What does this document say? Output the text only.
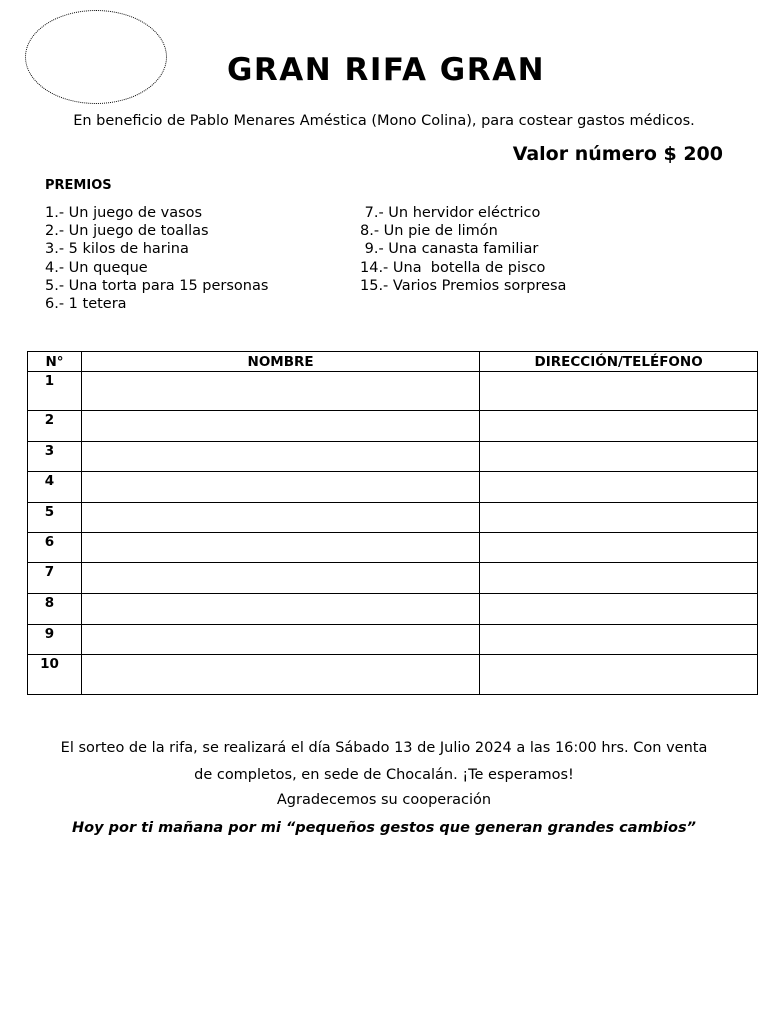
GRAN RIFA GRAN
En beneficio de Pablo Menares Améstica (Mono Colina), para costear gastos médicos.
Valor número $ 200
PREMIOS
1.- Un juego de vasos
2.- Un juego de toallas
3.- 5 kilos de harina
4.- Un queque
5.- Una torta para 15 personas
6.- 1 tetera
7.- Un hervidor eléctrico
8.- Un pie de limón
9.- Una canasta familiar
14.- Una  botella de pisco
15.- Varios Premios sorpresa
N°	NOMBRE	DIRECCIÓN/TELÉFONO
1		
2		
3		
4		
5		
6		
7		
8		
9		
10		
El sorteo de la rifa, se realizará el día Sábado 13 de Julio 2024 a las 16:00 hrs. Con venta de completos, en sede de Chocalán. ¡Te esperamos!
Agradecemos su cooperación
Hoy por ti mañana por mi “pequeños gestos que generan grandes cambios”
